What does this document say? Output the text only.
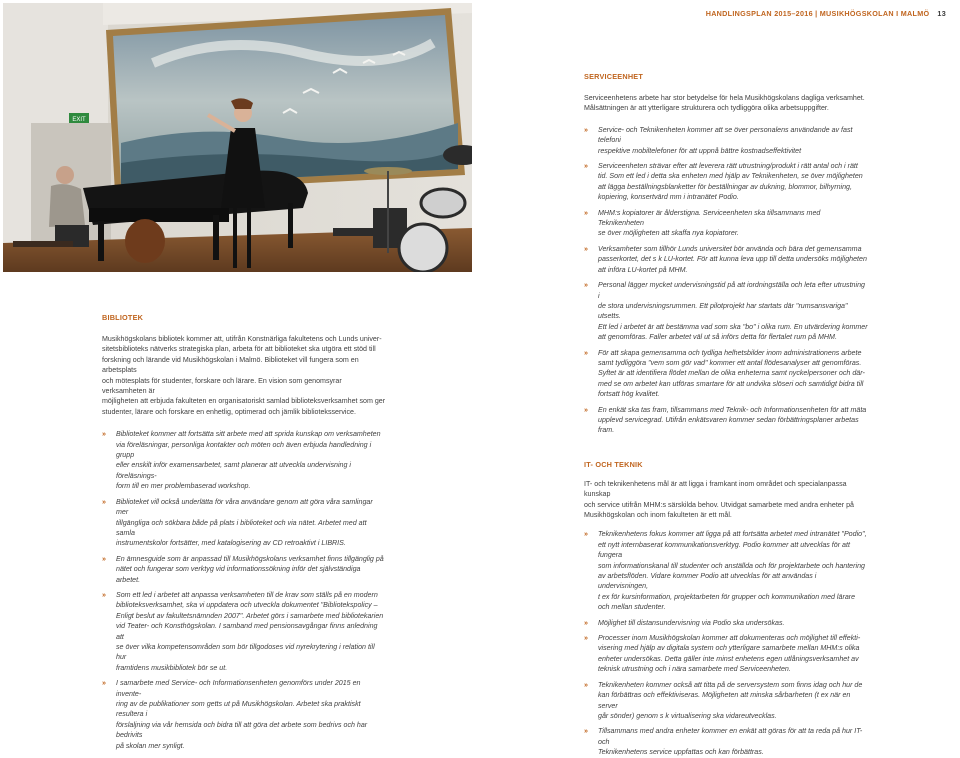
HANDLINGSPLAN 2015–2016 | MUSIKHÖGSKOLAN I MALMÖ 13
EXIT
BIBLIOTEK

Musikhögskolans bibliotek kommer att, utifrån Konstnärliga fakultetens och Lunds univer-
sitetsbiblioteks nätverks strategiska plan, arbeta för att biblioteket ska utgöra ett stöd till
forskning och lärande vid Musikhögskolan i Malmö. Biblioteket vill fungera som en arbetsplats
och mötesplats för studenter, forskare och lärare. En vision som genomsyrar verksamheten är
möjligheten att erbjuda fakulteten en organisatoriskt samlad biblioteksverksamhet som ger
studenter, lärare och forskare en enhetlig, optimerad och jämlik biblioteksservice.

» Biblioteket kommer att fortsätta sitt arbete med att sprida kunskap om verksamheten
via föreläsningar, personliga kontakter och möten och även erbjuda handledning i grupp
eller enskilt inför examensarbetet, samt planerar att utveckla undervisning i föreläsnings-
form till en mer problembaserad workshop.
» Biblioteket vill också underlätta för våra användare genom att göra våra samlingar mer
tillgängliga och sökbara både på plats i biblioteket och via nätet. Arbetet med att samla
instrumentskolor fortsätter, med katalogisering av CD retroaktivt i LIBRIS.
» En ämnesguide som är anpassad till Musikhögskolans verksamhet finns tillgänglig på
nätet och fungerar som verktyg vid informationssökning inför det självständiga arbetet.
» Som ett led i arbetet att anpassa verksamheten till de krav som ställs på en modern
biblioteksverksamhet, ska vi uppdatera och utveckla dokumentet "Bibliotekspolicy –
Enligt beslut av fakultetsnämnden 2007". Arbetet görs i samarbete med bibliotekarien
vid Teater- och Konsthögskolan. I samband med pensionsavgångar finns anledning att
se över vilka kompetensområden som bör tillgodoses vid nyrekrytering i relation till hur
framtidens musikbibliotek bör se ut.
» I samarbete med Service- och Informationsenheten genomförs under 2015 en invente-
ring av de publikationer som getts ut på Musikhögskolan. Arbetet ska praktiskt resultera i
förslaljning via vår hemsida och bidra till att göra det arbete som bedrivs och har bedrivits
på skolan mer synligt.
SERVICEENHET

Serviceenhetens arbete har stor betydelse för hela Musikhögskolans dagliga verksamhet.
Målsättningen är att ytterligare strukturera och tydliggöra olika arbetsuppgifter.

» Service- och Teknikenheten kommer att se över personalens användande av fast telefoni
respektive mobiltelefoner för att uppnå bättre kostnadseffektivitet
» Serviceenheten strävar efter att leverera rätt utrustning/produkt i rätt antal och i rätt
tid. Som ett led i detta ska enheten med hjälp av Teknikenheten, se över möjligheten
att lägga beställningsblanketter för beställningar av dukning, blommor, bilhyrning,
kopiering, konsertvärd mm i intranätet Podio.
» MHM:s kopiatorer är ålderstigna. Serviceenheten ska tillsammans med Teknikenheten
se över möjligheten att skaffa nya kopiatorer.
» Verksamheter som tillhör Lunds universitet bör använda och bära det gemensamma
passerkortet, det s k LU-kortet. För att kunna leva upp till detta undersöks möjligheten
att införa LU-kortet på MHM.
» Personal lägger mycket undervisningstid på att iordningställa och leta efter utrustning i
de stora undervisningsrummen. Ett pilotprojekt har startats där "rumsansvariga" utsetts.
Ett led i arbetet är att bestämma vad som ska "bo" i olika rum. En utvärdering kommer
att genomföras. Faller arbetet väl ut så införs detta för flertalet rum på MHM.
» För att skapa gemensamma och tydliga helhetsbilder inom administrationens arbete
samt tydliggöra "vem som gör vad" kommer ett antal flödesanalyser att genomföras.
Syftet är att identifiera flödet mellan de olika enheterna samt nyckelpersoner och där-
med se om arbetet kan utföras smartare för att undvika slöseri och samtidigt bidra till
fortsatt hög kvalitet.
» En enkät ska tas fram, tillsammans med Teknik- och Informationsenheten för att mäta
upplevd servicegrad. Utifrån enkätsvaren kommer sedan förbättringsplaner arbetas fram.
IT- OCH TEKNIK

IT- och teknikenhetens mål är att ligga i framkant inom området och specialanpassa kunskap
och service utifrån MHM:s särskilda behov. Utvidgat samarbete med andra enheter på
Musikhögskolan och inom fakulteten är ett mål.

» Teknikenhetens fokus kommer att ligga på att fortsätta arbetet med intranätet "Podio",
ett nytt internbaserat kommunikationsverktyg. Podio kommer att utvecklas för att fungera
som informationskanal till studenter och anställda och för projektarbete och hantering
av arbetsflöden. Vidare kommer Podio att utvecklas för att användas i undervisningen,
t ex för kursinformation, projektarbeten för grupper och kommunikation med lärare
och mellan studenter.
» Möjlighet till distansundervisning via Podio ska undersökas.
» Processer inom Musikhögskolan kommer att dokumenteras och möjlighet till effekti-
visering med hjälp av digitala system och ytterligare samarbete mellan MHM:s olika
enheter undersökas. Detta gäller inte minst enhetens egen utlåningsverksamhet av
teknisk utrustning och i nära samarbete med Serviceenheten.
» Teknikenheten kommer också att titta på de serversystem som finns idag och hur de
kan förbättras och effektiviseras. Möjligheten att minska sårbarheten (t ex när en server
går sönder) genom s k virtualisering ska vidareutvecklas.
» Tillsammans med andra enheter kommer en enkät att göras för att ta reda på hur IT- och
Teknikenhetens service uppfattas och kan förbättras.
